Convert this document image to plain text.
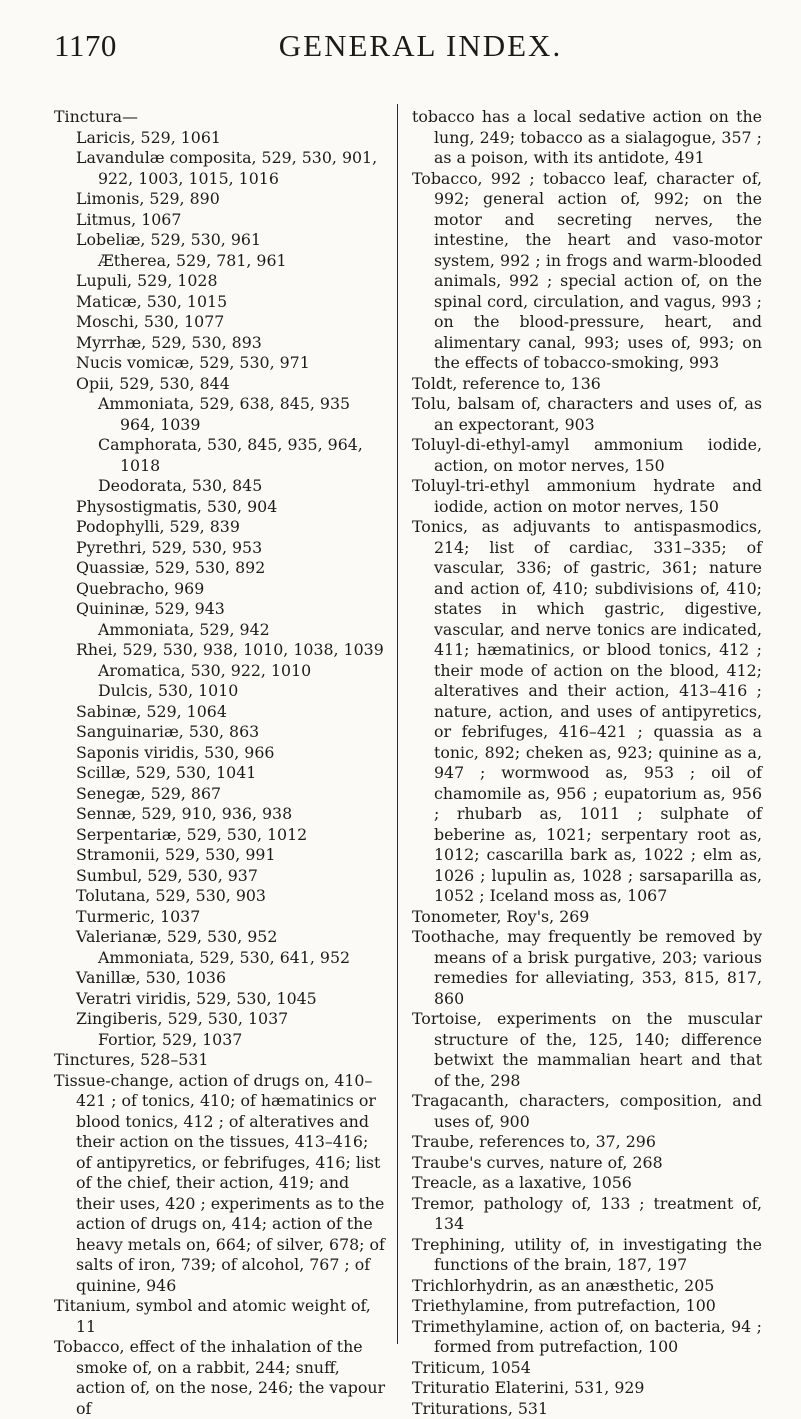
1170	GENERAL INDEX.
Tinctura—
Laricis, 529, 1061
Lavandulæ composita, 529, 530, 901, 922, 1003, 1015, 1016
Limonis, 529, 890
Litmus, 1067
Lobeliæ, 529, 530, 961
Ætherea, 529, 781, 961
Lupuli, 529, 1028
Maticæ, 530, 1015
Moschi, 530, 1077
Myrrhæ, 529, 530, 893
Nucis vomicæ, 529, 530, 971
Opii, 529, 530, 844
Ammoniata, 529, 638, 845, 935 964, 1039
Camphorata, 530, 845, 935, 964, 1018
Deodorata, 530, 845
Physostigmatis, 530, 904
Podophylli, 529, 839
Pyrethri, 529, 530, 953
Quassiæ, 529, 530, 892
Quebracho, 969
Quininæ, 529, 943
Ammoniata, 529, 942
Rhei, 529, 530, 938, 1010, 1038, 1039
Aromatica, 530, 922, 1010
Dulcis, 530, 1010
Sabinæ, 529, 1064
Sanguinariæ, 530, 863
Saponis viridis, 530, 966
Scillæ, 529, 530, 1041
Senegæ, 529, 867
Sennæ, 529, 910, 936, 938
Serpentariæ, 529, 530, 1012
Stramonii, 529, 530, 991
Sumbul, 529, 530, 937
Tolutana, 529, 530, 903
Turmeric, 1037
Valerianæ, 529, 530, 952
Ammoniata, 529, 530, 641, 952
Vanillæ, 530, 1036
Veratri viridis, 529, 530, 1045
Zingiberis, 529, 530, 1037
Fortior, 529, 1037
Tinctures, 528–531
Tissue-change, action of drugs on, 410–421 ; of tonics, 410; of hæmatinics or blood tonics, 412 ; of alteratives and their action on the tissues, 413–416; of antipyretics, or febrifuges, 416; list of the chief, their action, 419; and their uses, 420 ; experiments as to the action of drugs on, 414; action of the heavy metals on, 664; of silver, 678; of salts of iron, 739; of alcohol, 767 ; of quinine, 946
Titanium, symbol and atomic weight of, 11
Tobacco, effect of the inhalation of the smoke of, on a rabbit, 244; snuff, action of, on the nose, 246; the vapour of
tobacco has a local sedative action on the lung, 249; tobacco as a sialagogue, 357 ; as a poison, with its antidote, 491
Tobacco, 992 ; tobacco leaf, character of, 992; general action of, 992; on the motor and secreting nerves, the intestine, the heart and vaso-motor system, 992 ; in frogs and warm-blooded animals, 992 ; special action of, on the spinal cord, circulation, and vagus, 993 ; on the blood-pressure, heart, and alimentary canal, 993; uses of, 993; on the effects of tobacco-smoking, 993
Toldt, reference to, 136
Tolu, balsam of, characters and uses of, as an expectorant, 903
Toluyl-di-ethyl-amyl ammonium iodide, action, on motor nerves, 150
Toluyl-tri-ethyl ammonium hydrate and iodide, action on motor nerves, 150
Tonics, as adjuvants to antispasmodics, 214; list of cardiac, 331–335; of vascular, 336; of gastric, 361; nature and action of, 410; subdivisions of, 410; states in which gastric, digestive, vascular, and nerve tonics are indicated, 411; hæmatinics, or blood tonics, 412 ; their mode of action on the blood, 412; alteratives and their action, 413–416 ; nature, action, and uses of antipyretics, or febrifuges, 416–421 ; quassia as a tonic, 892; cheken as, 923; quinine as a, 947 ; wormwood as, 953 ; oil of chamomile as, 956 ; eupatorium as, 956 ; rhubarb as, 1011 ; sulphate of beberine as, 1021; serpentary root as, 1012; cascarilla bark as, 1022 ; elm as, 1026 ; lupulin as, 1028 ; sarsaparilla as, 1052 ; Iceland moss as, 1067
Tonometer, Roy's, 269
Toothache, may frequently be removed by means of a brisk purgative, 203; various remedies for alleviating, 353, 815, 817, 860
Tortoise, experiments on the muscular structure of the, 125, 140; difference betwixt the mammalian heart and that of the, 298
Tragacanth, characters, composition, and uses of, 900
Traube, references to, 37, 296
Traube's curves, nature of, 268
Treacle, as a laxative, 1056
Tremor, pathology of, 133 ; treatment of, 134
Trephining, utility of, in investigating the functions of the brain, 187, 197
Trichlorhydrin, as an anæsthetic, 205
Triethylamine, from putrefaction, 100
Trimethylamine, action of, on bacteria, 94 ; formed from putrefaction, 100
Triticum, 1054
Trituratio Elaterini, 531, 929
Triturations, 531
